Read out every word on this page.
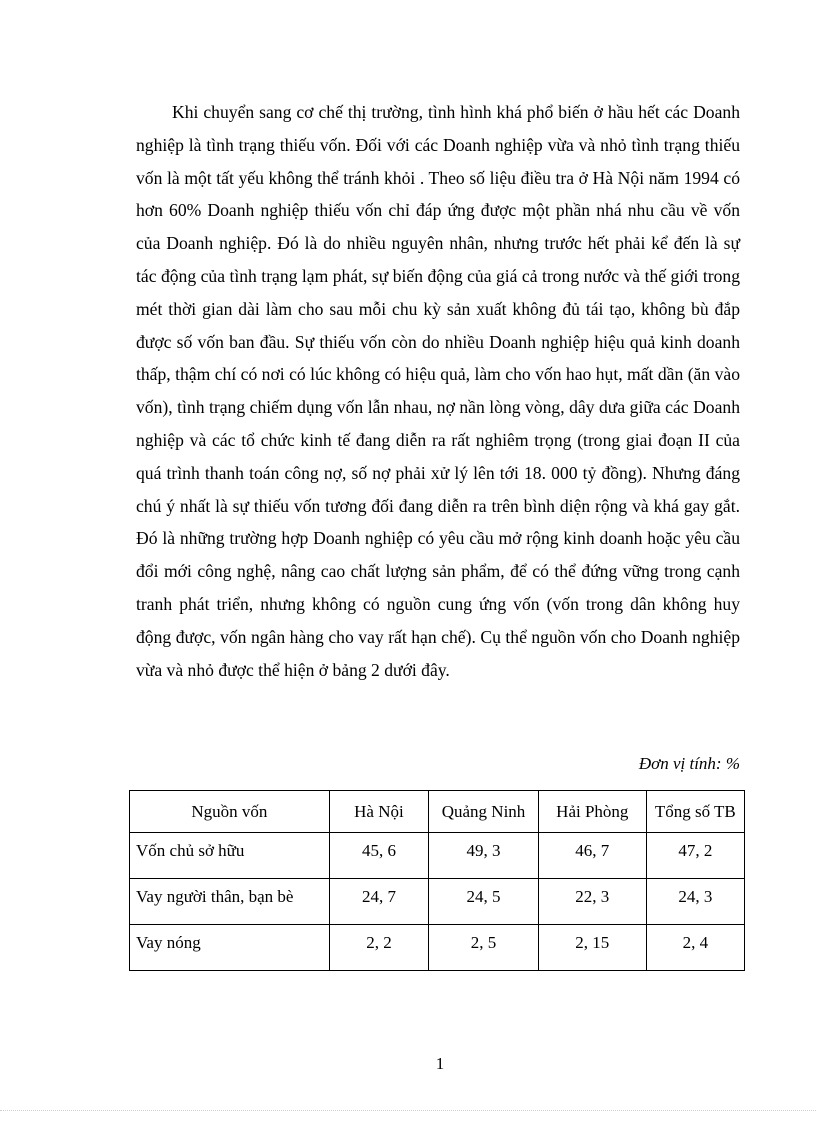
Khi chuyển sang cơ chế thị trường, tình hình khá phổ biến ở hầu hết các Doanh nghiệp là tình trạng thiếu vốn. Đối với các Doanh nghiệp vừa và nhỏ tình trạng thiếu vốn là một tất yếu không thể tránh khỏi . Theo số liệu điều tra ở Hà Nội năm 1994 có hơn 60% Doanh nghiệp thiếu vốn chỉ đáp ứng được một phần nhá nhu cầu về vốn của Doanh nghiệp. Đó là do nhiều nguyên nhân, nhưng trước hết phải kể đến là sự tác động của tình trạng lạm phát, sự biến động của giá cả trong nước và thế giới trong mét thời gian dài làm cho sau mỗi chu kỳ sản xuất không đủ tái tạo, không bù đắp được số vốn ban đầu. Sự thiếu vốn còn do nhiều Doanh nghiệp hiệu quả kinh doanh thấp, thậm chí có nơi có lúc không có hiệu quả, làm cho vốn hao hụt, mất dần (ăn vào vốn), tình trạng chiếm dụng vốn lẫn nhau, nợ nần lòng vòng, dây dưa giữa các Doanh nghiệp và các tổ chức kinh tế đang diễn ra rất nghiêm trọng (trong giai đoạn II của quá trình thanh toán công nợ, số nợ phải xử lý lên tới 18. 000 tỷ đồng). Nhưng đáng chú ý nhất là sự thiếu vốn tương đối đang diễn ra trên bình diện rộng và khá gay gắt. Đó là những trường hợp Doanh nghiệp có yêu cầu mở rộng kinh doanh hoặc yêu cầu đổi mới công nghệ, nâng cao chất lượng sản phẩm, để có thể đứng vững trong cạnh tranh phát triển, nhưng không có nguồn cung ứng vốn (vốn trong dân không huy động được, vốn ngân hàng cho vay rất hạn chế). Cụ thể nguồn vốn cho Doanh nghiệp vừa và nhỏ được thể hiện ở bảng 2 dưới đây.

Đơn vị tính: %

Nguồn vốn	Hà Nội	Quảng Ninh	Hải Phòng	Tổng số TB
Vốn chủ sở hữu	45, 6	49, 3	46, 7	47, 2
Vay người thân, bạn bè	24, 7	24, 5	22, 3	24, 3
Vay nóng	2, 2	2, 5	2, 15	2, 4
1
